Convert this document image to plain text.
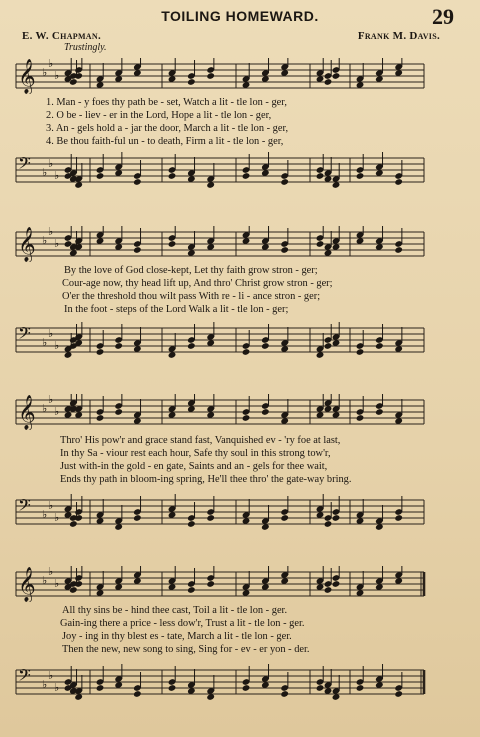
TOILING HOMEWARD.	29
E. W. Chapman.	Frank M. Davis.
Trustingly.
𝄞 ♭
♭
♭
1. Man - y foes thy path be - set, Watch a lit - tle lon - ger,
2. O be - liev - er in the Lord, Hope a lit - tle lon - ger,
3. An - gels hold a - jar the door, March a lit - tle lon - ger,
4. Be thou faith-ful un - to death, Firm a lit - tle lon - ger,
𝄢 ♭
♭
♭
𝄞 ♭
♭
♭
By the love of God close-kept, Let thy faith grow stron - ger;
Cour-age now, thy head lift up, And thro' Christ grow stron - ger;
O'er the threshold thou wilt pass With re - li - ance stron - ger;
In the foot - steps of the Lord Walk a lit - tle lon - ger;
𝄢 ♭
♭
♭
𝄞 ♭
♭
♭
Thro' His pow'r and grace stand fast, Vanquished ev - 'ry foe at last,
In thy Sa - viour rest each hour, Safe thy soul in this strong tow'r,
Just with-in the gold - en gate, Saints and an - gels for thee wait,
Ends thy path in bloom-ing spring, He'll thee thro' the gate-way bring.
𝄢 ♭
♭
♭
𝄞 ♭
♭
♭
All thy sins be - hind thee cast, Toil a lit - tle lon - ger.
Gain-ing there a price - less dow'r, Trust a lit - tle lon - ger.
Joy - ing in thy blest es - tate, March a lit - tle lon - ger.
Then the new, new song to sing, Sing for - ev - er yon - der.
𝄢 ♭
♭
♭
